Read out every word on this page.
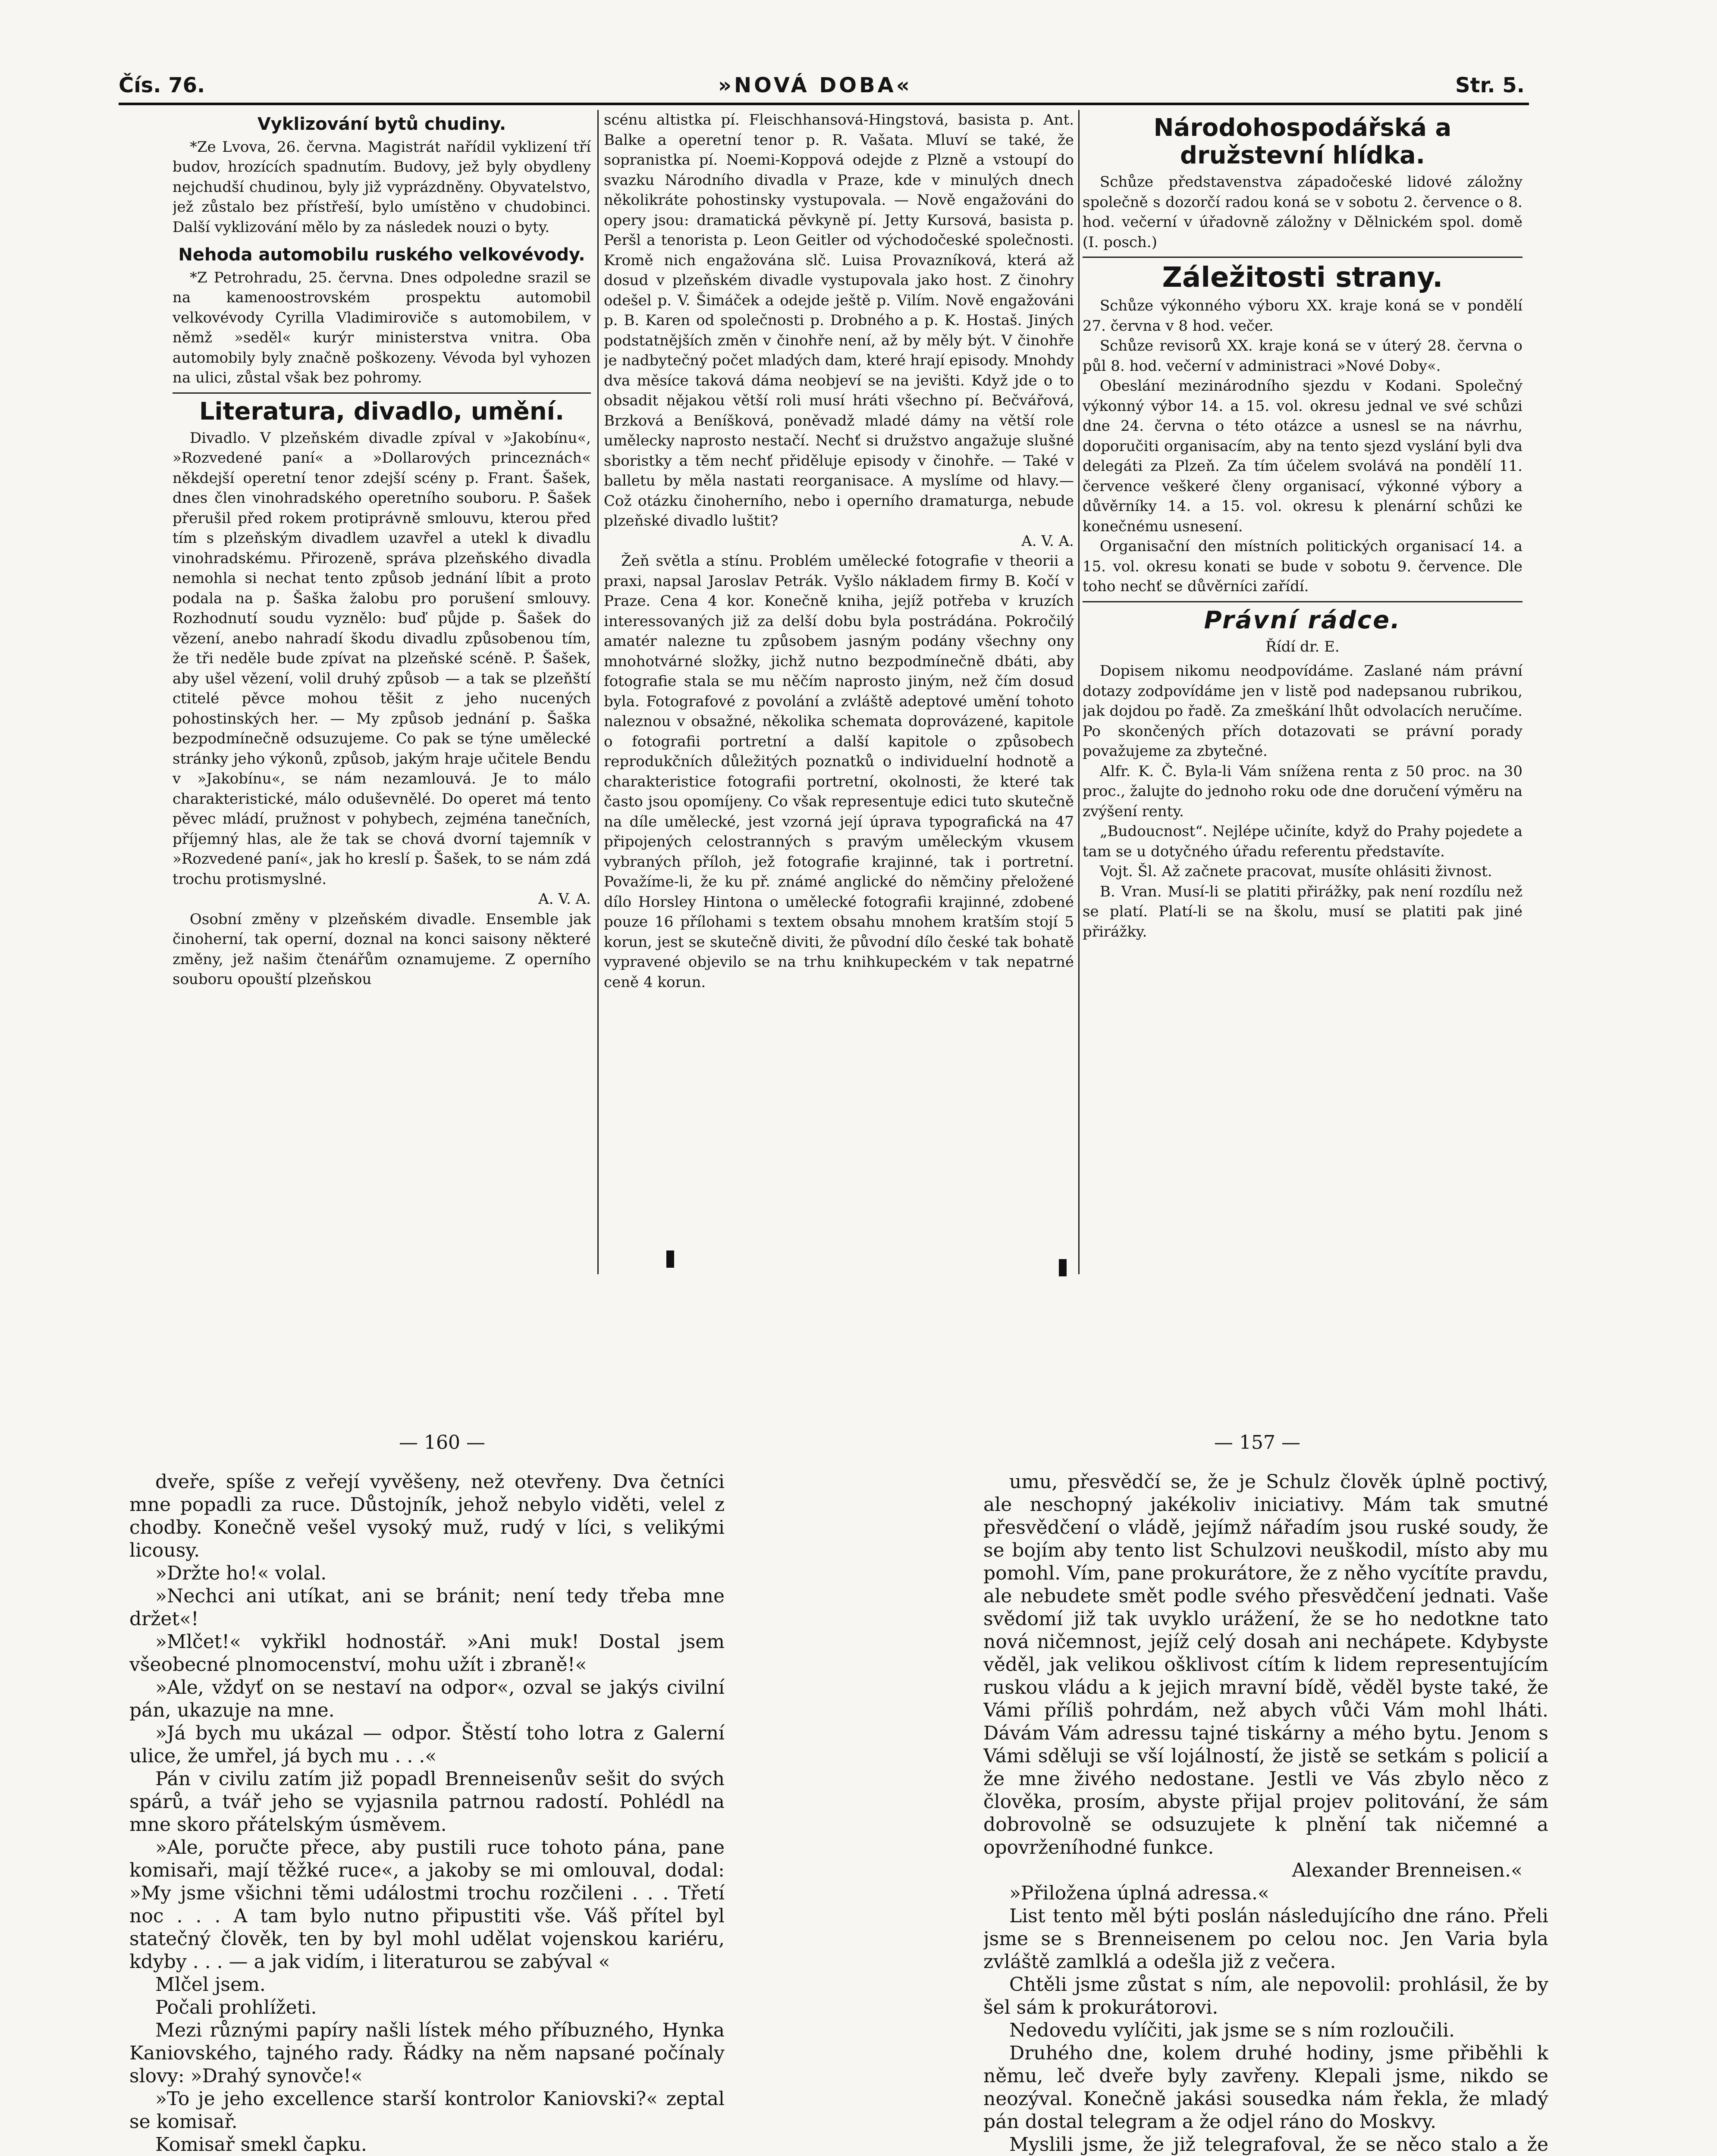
Čís. 76.	»NOVÁ DOBA«	Str. 5.
Vyklizování bytů chudiny.

*Ze Lvova, 26. června. Magistrát nařídil vyklizení tří budov, hrozících spadnutím. Budovy, jež byly obydleny nejchudší chudinou, byly již vyprázdněny. Obyvatelstvo, jež zůstalo bez přístřeší, bylo umístěno v chudobinci. Další vyklizování mělo by za následek nouzi o byty.

Nehoda automobilu ruského velkovévody.

*Z Petrohradu, 25. června. Dnes odpoledne srazil se na kamenoostrovském prospektu automobil velkovévody Cyrilla Vladimiroviče s automobilem, v němž »seděl« kurýr ministerstva vnitra. Oba automobily byly značně poškozeny. Vévoda byl vyhozen na ulici, zůstal však bez pohromy.

Literatura, divadlo, umění.

Divadlo. V plzeňském divadle zpíval v »Jakobínu«, »Rozvedené paní« a »Dollarových princeznách« někdejší operetní tenor zdejší scény p. Frant. Šašek, dnes člen vinohradského operetního souboru. P. Šašek přerušil před rokem protiprávně smlouvu, kterou před tím s plzeňským divadlem uzavřel a utekl k divadlu vinohradskému. Přirozeně, správa plzeňského divadla nemohla si nechat tento způsob jednání líbit a proto podala na p. Šaška žalobu pro porušení smlouvy. Rozhodnutí soudu vyznělo: buď půjde p. Šašek do vězení, anebo nahradí škodu divadlu způsobenou tím, že tři neděle bude zpívat na plzeňské scéně. P. Šašek, aby ušel vězení, volil druhý způsob — a tak se plzeňští ctitelé pěvce mohou těšit z jeho nucených pohostinských her. — My způsob jednání p. Šaška bezpodmínečně odsuzujeme. Co pak se týne umělecké stránky jeho výkonů, způsob, jakým hraje učitele Bendu v »Jakobínu«, se nám nezamlouvá. Je to málo charakteristické, málo oduševnělé. Do operet má tento pěvec mládí, pružnost v pohybech, zejména tanečních, příjemný hlas, ale že tak se chová dvorní tajemník v »Rozvedené paní«, jak ho kreslí p. Šašek, to se nám zdá trochu protismyslné.

A. V. A.

Osobní změny v plzeňském divadle. Ensemble jak činoherní, tak operní, doznal na konci saisony některé změny, jež našim čtenářům oznamujeme. Z operního souboru opouští plzeňskou

scénu altistka pí. Fleischhansová-Hingstová, basista p. Ant. Balke a operetní tenor p. R. Vašata. Mluví se také, že sopranistka pí. Noemi-Koppová odejde z Plzně a vstoupí do svazku Národního divadla v Praze, kde v minulých dnech několikráte pohostinsky vystupovala. — Nově engažováni do opery jsou: dramatická pěvkyně pí. Jetty Kursová, basista p. Peršl a tenorista p. Leon Geitler od východočeské společnosti. Kromě nich engažována slč. Luisa Provazníková, která až dosud v plzeňském divadle vystupovala jako host. Z činohry odešel p. V. Šimáček a odejde ještě p. Vilím. Nově engažováni p. B. Karen od společnosti p. Drobného a p. K. Hostaš. Jiných podstatnějších změn v činohře není, až by měly být. V činohře je nadbytečný počet mladých dam, které hrají episody. Mnohdy dva měsíce taková dáma neobjeví se na jevišti. Když jde o to obsadit nějakou větší roli musí hráti všechno pí. Bečvářová, Brzková a Beníšková, poněvadž mladé dámy na větší role umělecky naprosto nestačí. Nechť si družstvo angažuje slušné sboristky a těm nechť přiděluje episody v činohře. — Také v balletu by měla nastati reorganisace. A myslíme od hlavy.—Což otázku činoherního, nebo i operního dramaturga, nebude plzeňské divadlo luštit?

A. V. A.

Žeň světla a stínu. Problém umělecké fotografie v theorii a praxi, napsal Jaroslav Petrák. Vyšlo nákladem firmy B. Kočí v Praze. Cena 4 kor. Konečně kniha, jejíž potřeba v kruzích interessovaných již za delší dobu byla postrádána. Pokročilý amatér nalezne tu způsobem jasným podány všechny ony mnohotvárné složky, jichž nutno bezpodmínečně dbáti, aby fotografie stala se mu něčím naprosto jiným, než čím dosud byla. Fotografové z povolání a zvláště adeptové umění tohoto naleznou v obsažné, několika schemata doprovázené, kapitole o fotografii portretní a další kapitole o způsobech reprodukčních důležitých poznatků o individuelní hodnotě a charakteristice fotografii portretní, okolnosti, že které tak často jsou opomíjeny. Co však representuje edici tuto skutečně na díle umělecké, jest vzorná její úprava typografická na 47 připojených celostranných s pravým uměleckým vkusem vybraných příloh, jež fotografie krajinné, tak i portretní. Považíme-li, že ku př. známé anglické do němčiny přeložené dílo Horsley Hintona o umělecké fotografii krajinné, zdobené pouze 16 přílohami s textem obsahu mnohem kratším stojí 5 korun, jest se skutečně diviti, že původní dílo české tak bohatě vypravené objevilo se na trhu knihkupeckém v tak nepatrné ceně 4 korun.

Národohospodářská a družstevní hlídka.

Schůze představenstva západočeské lidové záložny společně s dozorčí radou koná se v sobotu 2. července o 8. hod. večerní v úřadovně záložny v Dělnickém spol. domě (I. posch.)

Záležitosti strany.

Schůze výkonného výboru XX. kraje koná se v pondělí 27. června v 8 hod. večer.

Schůze revisorů XX. kraje koná se v úterý 28. června o půl 8. hod. večerní v administraci »Nové Doby«.

Obeslání mezinárodního sjezdu v Kodani. Společný výkonný výbor 14. a 15. vol. okresu jednal ve své schůzi dne 24. června o této otázce a usnesl se na návrhu, doporučiti organisacím, aby na tento sjezd vyslání byli dva delegáti za Plzeň. Za tím účelem svolává na pondělí 11. července veškeré členy organisací, výkonné výbory a důvěrníky 14. a 15. vol. okresu k plenární schůzi ke konečnému usnesení.

Organisační den místních politických organisací 14. a 15. vol. okresu konati se bude v sobotu 9. července. Dle toho nechť se důvěrníci zařídí.

Právní rádce.
Řídí dr. E.

Dopisem nikomu neodpovídáme. Zaslané nám právní dotazy zodpovídáme jen v listě pod nadepsanou rubrikou, jak dojdou po řadě. Za zmeškání lhůt odvolacích neručíme. Po skončených přích dotazovati se právní porady považujeme za zbytečné.

Alfr. K. Č. Byla-li Vám snížena renta z 50 proc. na 30 proc., žalujte do jednoho roku ode dne doručení výměru na zvýšení renty.

„Budoucnost“. Nejlépe učiníte, když do Prahy pojedete a tam se u dotyčného úřadu referentu představíte.

Vojt. Šl. Až začnete pracovat, musíte ohlásiti živnost.

B. Vran. Musí-li se platiti přirážky, pak není rozdílu než se platí. Platí-li se na školu, musí se platiti pak jiné přirážky.

— 160 —	— 157 —

dveře, spíše z veřejí vyvěšeny, než otevřeny. Dva četníci mne popadli za ruce. Důstojník, jehož nebylo viděti, velel z chodby. Konečně vešel vysoký muž, rudý v líci, s velikými licousy.

»Držte ho!« volal.

»Nechci ani utíkat, ani se bránit; není tedy třeba mne držet«!

»Mlčet!« vykřikl hodnostář. »Ani muk! Dostal jsem všeobecné plnomocenství, mohu užít i zbraně!«

»Ale, vždyť on se nestaví na odpor«, ozval se jakýs civilní pán, ukazuje na mne.

»Já bych mu ukázal — odpor. Štěstí toho lotra z Galerní ulice, že umřel, já bych mu . . .«

Pán v civilu zatím již popadl Brenneisenův sešit do svých spárů, a tvář jeho se vyjasnila patrnou radostí. Pohlédl na mne skoro přátelským úsměvem.

»Ale, poručte přece, aby pustili ruce tohoto pána, pane komisaři, mají těžké ruce«, a jakoby se mi omlouval, dodal: »My jsme všichni těmi událostmi trochu rozčileni . . . Třetí noc . . . A tam bylo nutno připustiti vše. Váš přítel byl statečný člověk, ten by byl mohl udělat vojenskou kariéru, kdyby . . . — a jak vidím, i literaturou se zabýval «

Mlčel jsem.

Počali prohlížeti.

Mezi různými papíry našli lístek mého příbuzného, Hynka Kaniovského, tajného rady. Řádky na něm napsané počínaly slovy: »Drahý synovče!«

»To je jeho excellence starší kontrolor Kaniovski?« zeptal se komisař.

Komisař smekl čapku.

umu, přesvědčí se, že je Schulz člověk úplně poctivý, ale neschopný jakékoliv iniciativy. Mám tak smutné přesvědčení o vládě, jejímž nářadím jsou ruské soudy, že se bojím aby tento list Schulzovi neuškodil, místo aby mu pomohl. Vím, pane prokurátore, že z něho vycítíte pravdu, ale nebudete smět podle svého přesvědčení jednati. Vaše svědomí již tak uvyklo urážení, že se ho nedotkne tato nová ničemnost, jejíž celý dosah ani nechápete. Kdybyste věděl, jak velikou ošklivost cítím k lidem representujícím ruskou vládu a k jejich mravní bídě, věděl byste také, že Vámi příliš pohrdám, než abych vůči Vám mohl lháti. Dávám Vám adressu tajné tiskárny a mého bytu. Jenom s Vámi sděluji se vší lojálností, že jistě se setkám s policií a že mne živého nedostane. Jestli ve Vás zbylo něco z člověka, prosím, abyste přijal projev politování, že sám dobrovolně se odsuzujete k plnění tak ničemné a opovrženíhodné funkce.

Alexander Brenneisen.«

»Přiložena úplná adressa.«

List tento měl býti poslán následujícího dne ráno. Přeli jsme se s Brenneisenem po celou noc. Jen Varia byla zvláště zamlklá a odešla již z večera.

Chtěli jsme zůstat s ním, ale nepovolil: prohlásil, že by šel sám k prokurátorovi.

Nedovedu vylíčiti, jak jsme se s ním rozloučili.

Druhého dne, kolem druhé hodiny, jsme přiběhli k němu, leč dveře byly zavřeny. Klepali jsme, nikdo se neozýval. Konečně jakási sousedka nám řekla, že mladý pán dostal telegram a že odjel ráno do Moskvy.

Myslili jsme, že již telegrafoval, že se něco stalo a že
